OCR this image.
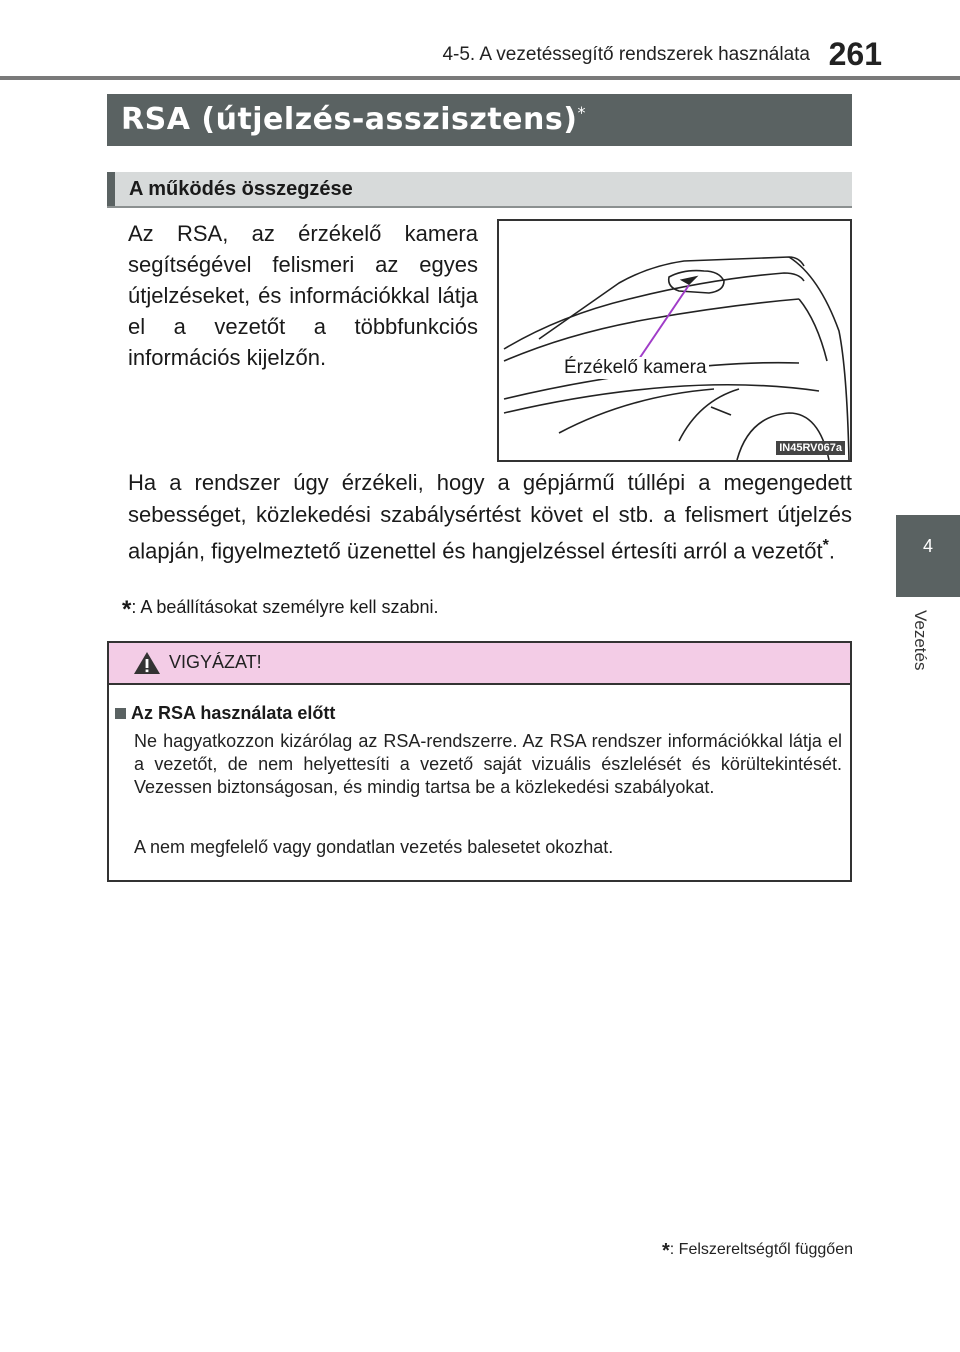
4-5. A vezetéssegítő rendszerek használata 261
4
Vezetés
RSA (útjelzés-asszisztens)*
A működés összegzése
Az RSA, az érzékelő kamera segítségével felismeri az egyes útjelzéseket, és információkkal látja el a vezetőt a többfunkciós információs kijelzőn.	Érzékelő kamera
IN45RV067a
Ha a rendszer úgy érzékeli, hogy a gépjármű túllépi a megengedett sebességet, közlekedési szabálysértést követ el stb. a felismert útjelzés alapján, figyelmeztető üzenettel és hangjelzéssel értesíti arról a vezetőt*.
*: A beállításokat személyre kell szabni.
VIGYÁZAT!
Az RSA használata előtt
Ne hagyatkozzon kizárólag az RSA-rendszerre. Az RSA rendszer információkkal látja el a vezetőt, de nem helyettesíti a vezető saját vizuális észlelését és körültekintését. Vezessen biztonságosan, és mindig tartsa be a közlekedési szabályokat.
A nem megfelelő vagy gondatlan vezetés balesetet okozhat.
*: Felszereltségtől függően
